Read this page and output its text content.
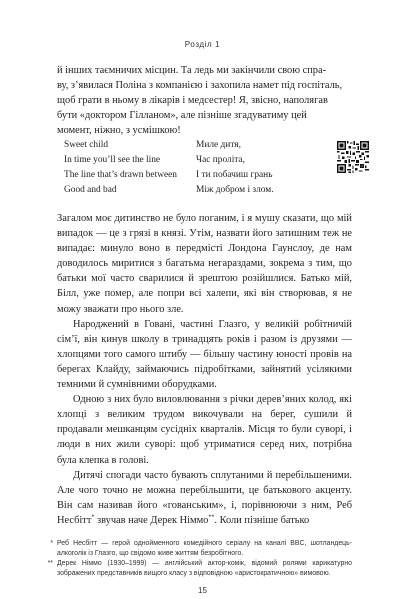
Розділ 1

й інших таємничих місцин. Та ледь ми закінчили свою спра-

ву, з’явилася Поліна з компанією і захопила намет під госпіталь,

щоб грати в ньому в лікарів і медсестер! Я, звісно, наполягав

бути «доктором Гілланом», але пізніше згадуватиму цей

момент, ніжно, з усмішкою!

Sweet child	Миле дитя,
In time you’ll see the line	Час пролітa,
The line that’s drawn between	І ти побачиш грань
Good and bad	Між добром і злом.

Загалом моє дитинство не було поганим, і я мушу сказати, що мій випадок — це з грязі в князі. Утім, назвати його затишним теж не випадає: минуло воно в передмісті Лондона Гаунслоу, де нам доводилось миритися з багатьма негараздами, зокрема з тим, що батьки мої часто сварилися й зрештою розійшлися. Батько мій, Білл, уже помер, але попри всі халепи, які він створював, я не можу зважати про нього зле.

Народжений в Говані, частині Глазго, у великій робітничій сім’ї, він кинув школу в тринадцять років і разом із друзями — хлопцями того самого штибу — більшу частину юності провів на берегах Клайду, займаючись підробітками, зайнятий усілякими темними й сумнівними оборудками.

Одною з них було виловлювання з річки дерев’яних колод, які хлопці з великим трудом викочували на берег, сушили й продавали мешканцям сусідніх кварталів. Місця то були суворі, і люди в них жили суворі: щоб утриматися серед них, потрібна була клепка в голові.

Дитячі спогади часто бувають сплутаними й перебільшеними. Але чого точно не можна перебільшити, це батькового акценту. Він сам називав його «гованським», і, порівнюючи з ним, Реб Несбітт* звучав наче Дерек Німмо**. Коли пізніше батько

* Реб Несбітт — герой однойменного комедійного серіалу на каналі BBC, шотландець-алкоголік із Глазго, що свідомо живе життям безробітного.
** Дерек Німмо (1930–1999) — англійський актор-комік, відомий ролями карикатурно зображених представників вищого класу з відповідною «аристократичною» вимовою.
15
